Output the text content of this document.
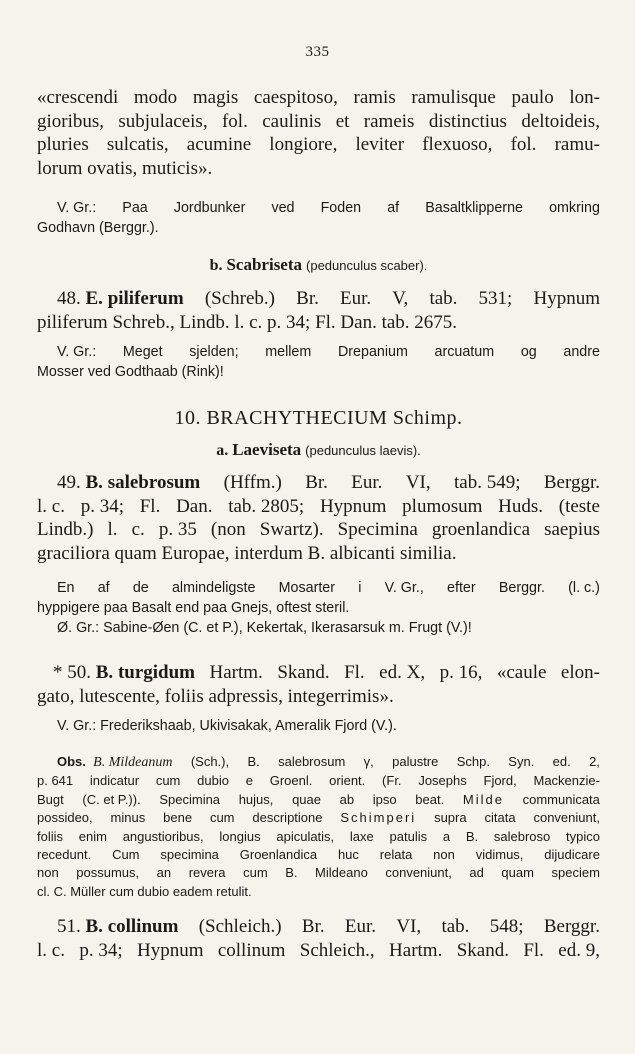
335
«crescendi modo magis caespitoso, ramis ramulisque paulo lon-
gioribus, subjulaceis, fol. caulinis et rameis distinctius deltoideis,
pluries sulcatis, acumine longiore, leviter flexuoso, fol. ramu-
lorum ovatis, muticis».
V. Gr.: Paa Jordbunker ved Foden af Basaltklipperne omkring
Godhavn (Berggr.).
b. Scabriseta (pedunculus scaber).
48. E. piliferum (Schreb.) Br. Eur. V, tab. 531; Hypnum
piliferum Schreb., Lindb. l. c. p. 34; Fl. Dan. tab. 2675.
V. Gr.: Meget sjelden; mellem Drepanium arcuatum og andre
Mosser ved Godthaab (Rink)!
10. BRACHYTHECIUM Schimp.
a. Laeviseta (pedunculus laevis).
49. B. salebrosum (Hffm.) Br. Eur. VI, tab. 549; Berggr.
l. c. p. 34; Fl. Dan. tab. 2805; Hypnum plumosum Huds. (teste
Lindb.) l. c. p. 35 (non Swartz). Specimina groenlandica saepius
graciliora quam Europae, interdum B. albicanti similia.
En af de almindeligste Mosarter i V. Gr., efter Berggr. (l. c.)
hyppigere paa Basalt end paa Gnejs, oftest steril.
Ø. Gr.: Sabine-Øen (C. et P.), Kekertak, Ikerasarsuk m. Frugt (V.)!
* 50. B. turgidum Hartm. Skand. Fl. ed. X, p. 16, «caule elon-
gato, lutescente, foliis adpressis, integerrimis».
V. Gr.: Frederikshaab, Ukivisakak, Ameralik Fjord (V.).
Obs. B. Mildeanum (Sch.), B. salebrosum γ, palustre Schp. Syn. ed. 2,
p. 641 indicatur cum dubio e Groenl. orient. (Fr. Josephs Fjord, Mackenzie-
Bugt (C. et P.)). Specimina hujus, quae ab ipso beat. Milde communicata
possideo, minus bene cum descriptione Schimperi supra citata conveniunt,
foliis enim angustioribus, longius apiculatis, laxe patulis a B. salebroso typico
recedunt. Cum specimina Groenlandica huc relata non vidimus, dijudicare
non possumus, an revera cum B. Mildeano conveniunt, ad quam speciem
cl. C. Müller cum dubio eadem retulit.
51. B. collinum (Schleich.) Br. Eur. VI, tab. 548; Berggr.
l. c. p. 34; Hypnum collinum Schleich., Hartm. Skand. Fl. ed. 9,
